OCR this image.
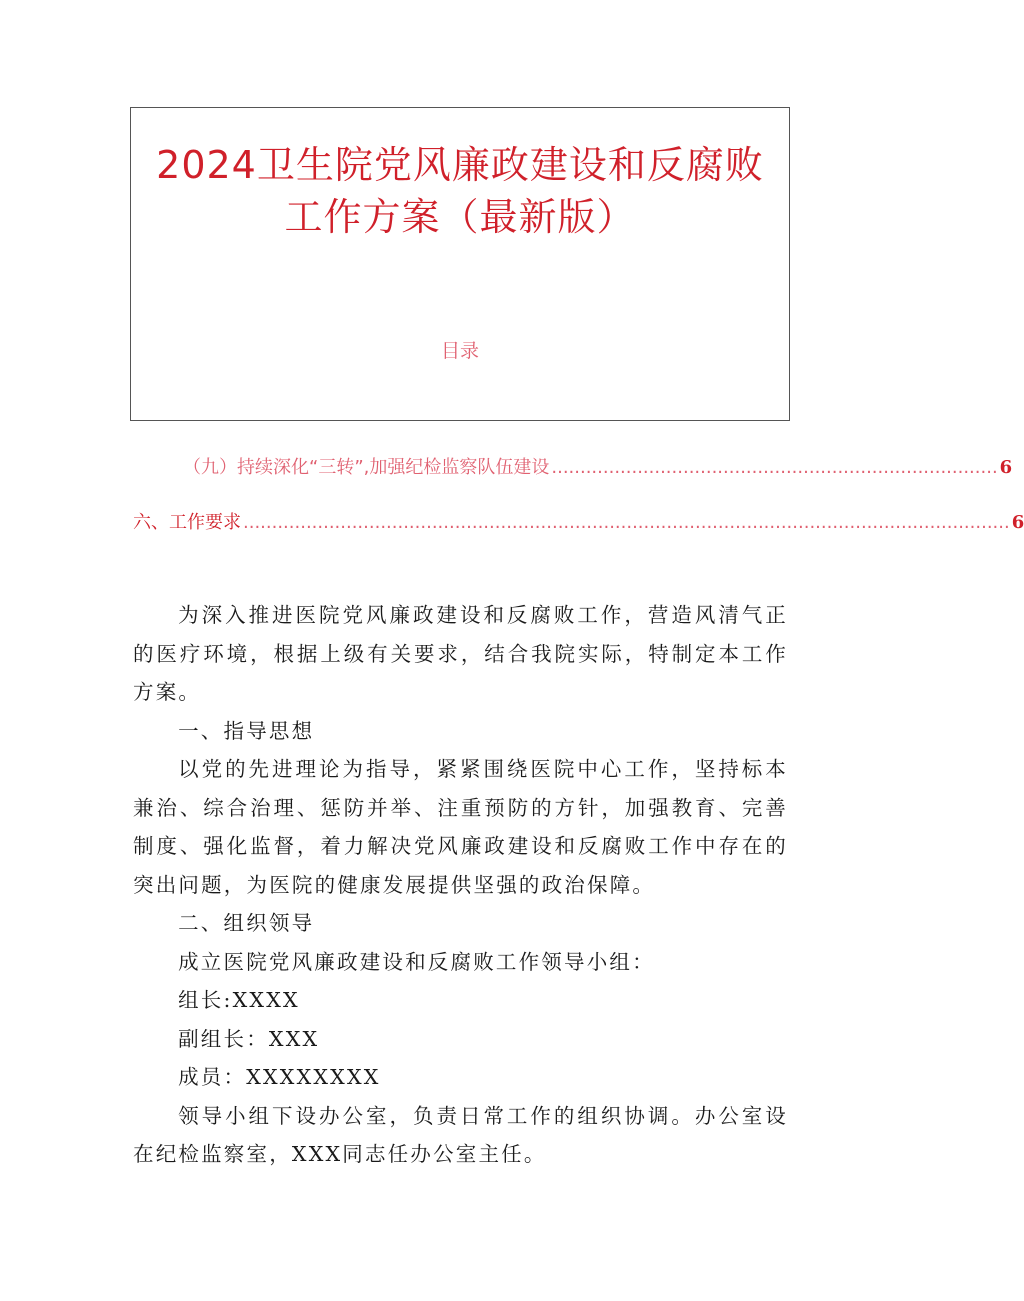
2024卫生院党风廉政建设和反腐败
工作方案（最新版）
目录
（九）持续深化“三转”,加强纪检监察队伍建设 .............................................................................. 6
六、工作要求 ...................................................................................................................................... 6

为深入推进医院党风廉政建设和反腐败工作，营造风清气正的医疗环境，根据上级有关要求，结合我院实际，特制定本工作方案。

一、指导思想

以党的先进理论为指导，紧紧围绕医院中心工作，坚持标本兼治、综合治理、惩防并举、注重预防的方针，加强教育、完善制度、强化监督，着力解决党风廉政建设和反腐败工作中存在的突出问题，为医院的健康发展提供坚强的政治保障。

二、组织领导

成立医院党风廉政建设和反腐败工作领导小组：

组长:XXXX

副组长：XXX

成员：XXXXXXXX

领导小组下设办公室，负责日常工作的组织协调。办公室设在纪检监察室，XXX同志任办公室主任。
